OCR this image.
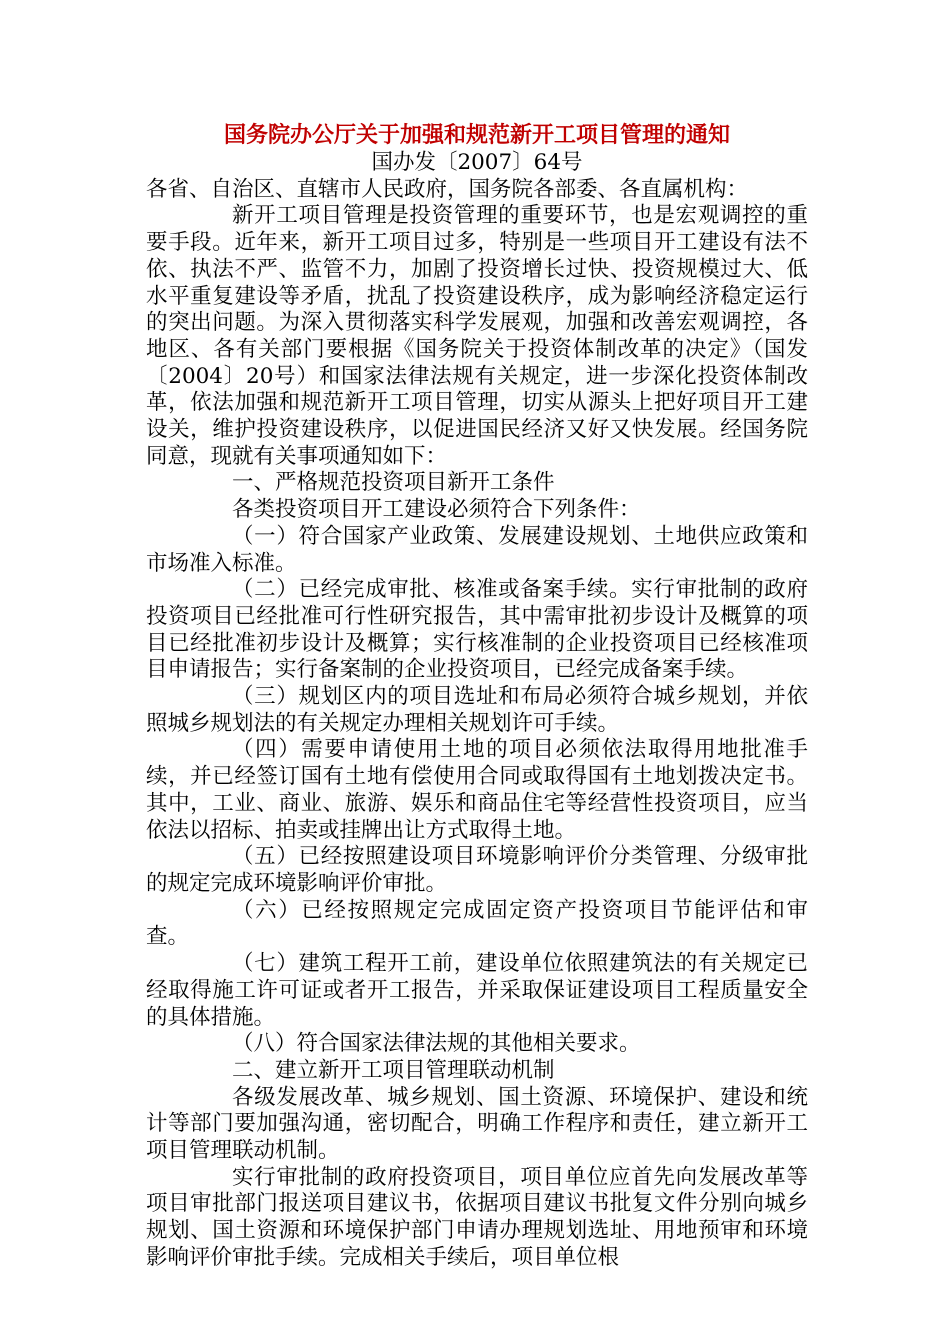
国务院办公厅关于加强和规范新开工项目管理的通知

国办发〔2007〕64号

各省、自治区、直辖市人民政府，国务院各部委、各直属机构：

新开工项目管理是投资管理的重要环节，也是宏观调控的重要手段。近年来，新开工项目过多，特别是一些项目开工建设有法不依、执法不严、监管不力，加剧了投资增长过快、投资规模过大、低水平重复建设等矛盾，扰乱了投资建设秩序，成为影响经济稳定运行的突出问题。为深入贯彻落实科学发展观，加强和改善宏观调控，各地区、各有关部门要根据《国务院关于投资体制改革的决定》（国发〔2004〕20号）和国家法律法规有关规定，进一步深化投资体制改革，依法加强和规范新开工项目管理，切实从源头上把好项目开工建设关，维护投资建设秩序，以促进国民经济又好又快发展。经国务院同意，现就有关事项通知如下：

一、严格规范投资项目新开工条件

各类投资项目开工建设必须符合下列条件：

（一）符合国家产业政策、发展建设规划、土地供应政策和市场准入标准。

（二）已经完成审批、核准或备案手续。实行审批制的政府投资项目已经批准可行性研究报告，其中需审批初步设计及概算的项目已经批准初步设计及概算；实行核准制的企业投资项目已经核准项目申请报告；实行备案制的企业投资项目，已经完成备案手续。

（三）规划区内的项目选址和布局必须符合城乡规划，并依照城乡规划法的有关规定办理相关规划许可手续。

（四）需要申请使用土地的项目必须依法取得用地批准手续，并已经签订国有土地有偿使用合同或取得国有土地划拨决定书。其中，工业、商业、旅游、娱乐和商品住宅等经营性投资项目，应当依法以招标、拍卖或挂牌出让方式取得土地。

（五）已经按照建设项目环境影响评价分类管理、分级审批的规定完成环境影响评价审批。

（六）已经按照规定完成固定资产投资项目节能评估和审查。

（七）建筑工程开工前，建设单位依照建筑法的有关规定已经取得施工许可证或者开工报告，并采取保证建设项目工程质量安全的具体措施。

（八）符合国家法律法规的其他相关要求。

二、建立新开工项目管理联动机制

各级发展改革、城乡规划、国土资源、环境保护、建设和统计等部门要加强沟通，密切配合，明确工作程序和责任，建立新开工项目管理联动机制。

实行审批制的政府投资项目，项目单位应首先向发展改革等项目审批部门报送项目建议书，依据项目建议书批复文件分别向城乡规划、国土资源和环境保护部门申请办理规划选址、用地预审和环境影响评价审批手续。完成相关手续后，项目单位根
